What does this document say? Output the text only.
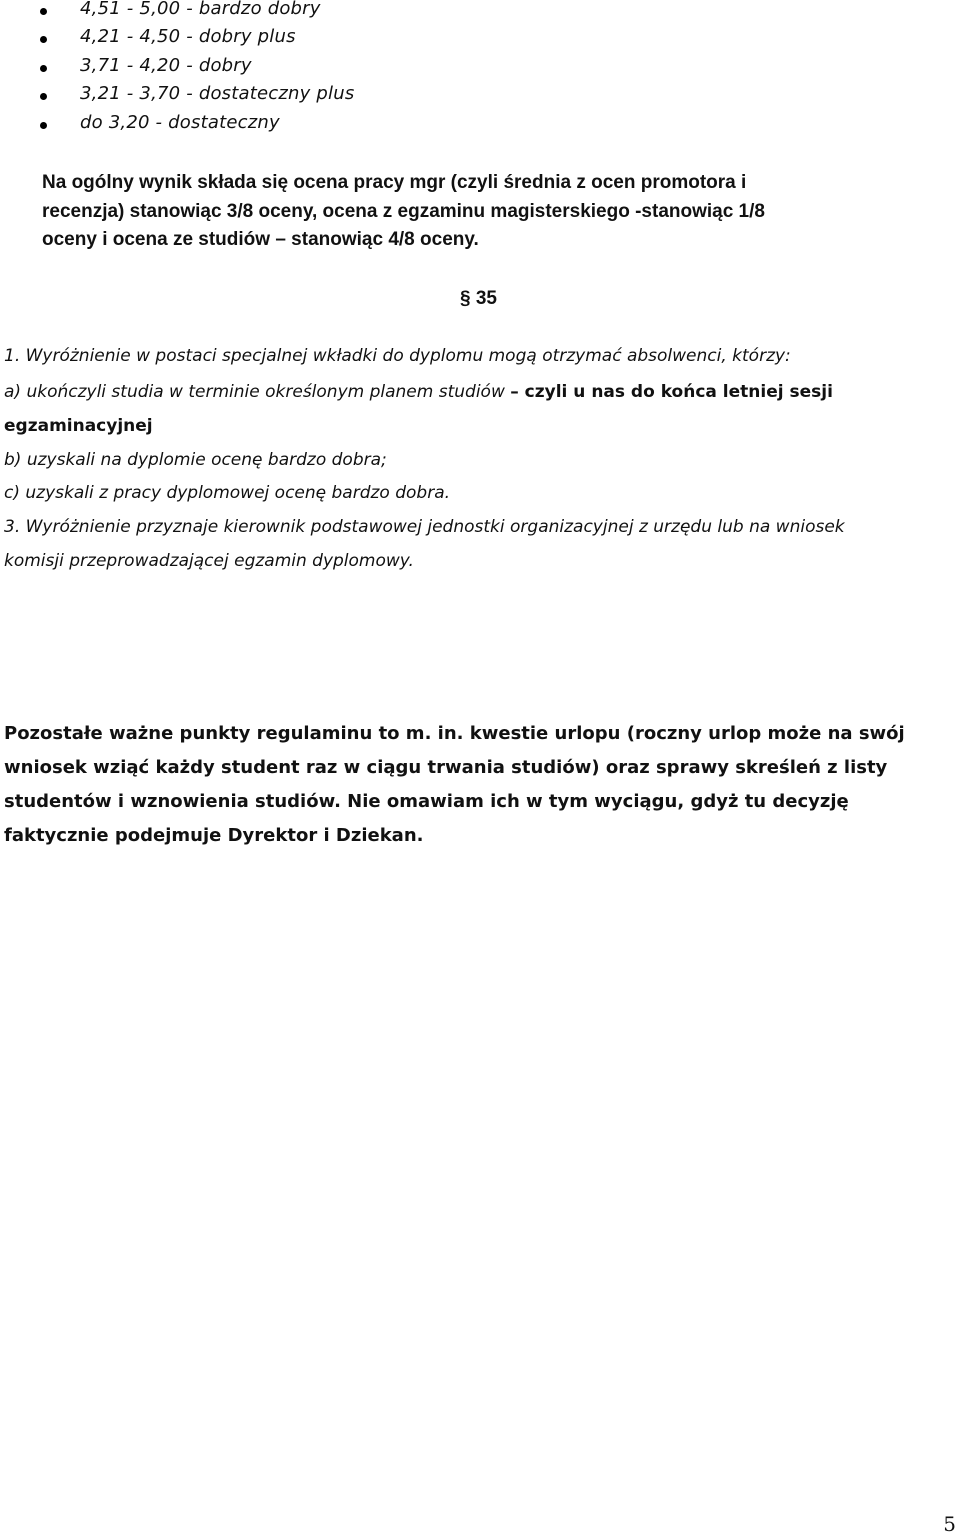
4,51 - 5,00 - bardzo dobry
4,21 - 4,50 - dobry plus
3,71 - 4,20 - dobry
3,21 - 3,70 - dostateczny plus
do 3,20 - dostateczny
Na ogólny wynik składa się ocena pracy mgr (czyli średnia z ocen promotora i
recenzja) stanowiąc 3/8 oceny, ocena z egzaminu magisterskiego -stanowiąc 1/8
oceny i ocena ze studiów – stanowiąc 4/8 oceny.
§ 35
1. Wyróżnienie w postaci specjalnej wkładki do dyplomu mogą otrzymać absolwenci, którzy:
a) ukończyli studia w terminie określonym planem studiów – czyli u nas do końca letniej sesji
egzaminacyjnej
b) uzyskali na dyplomie ocenę bardzo dobra;
c) uzyskali z pracy dyplomowej ocenę bardzo dobra.
3. Wyróżnienie przyznaje kierownik podstawowej jednostki organizacyjnej z urzędu lub na wniosek
komisji przeprowadzającej egzamin dyplomowy.
Pozostałe ważne punkty regulaminu to m. in. kwestie urlopu (roczny urlop może na swój
wniosek wziąć każdy student raz w ciągu trwania studiów) oraz sprawy skreśleń z listy
studentów i wznowienia studiów. Nie omawiam ich w tym wyciągu, gdyż tu decyzję
faktycznie podejmuje Dyrektor i Dziekan.
5
